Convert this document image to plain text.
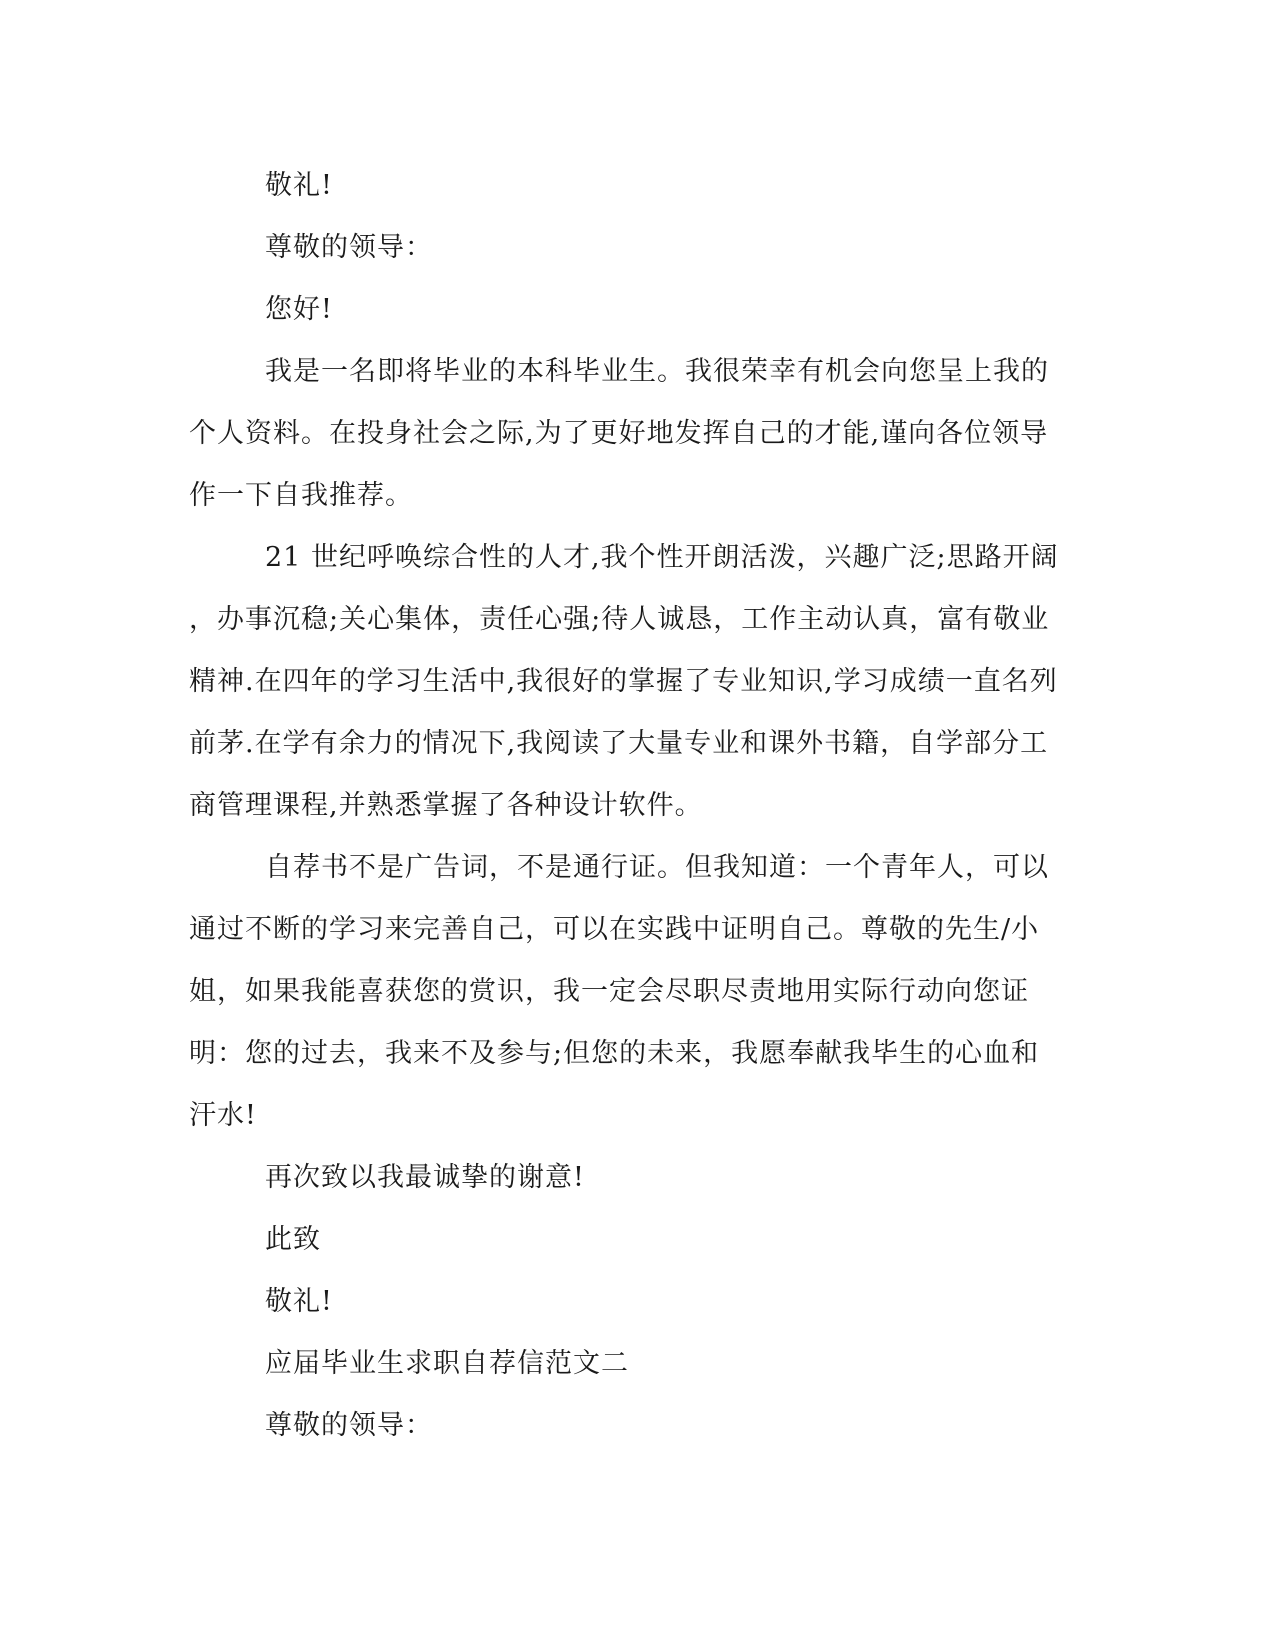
敬礼!

尊敬的领导：

您好!

我是一名即将毕业的本科毕业生。我很荣幸有机会向您呈上我的
个人资料。在投身社会之际,为了更好地发挥自己的才能,谨向各位领导
作一下自我推荐。

21 世纪呼唤综合性的人才,我个性开朗活泼，兴趣广泛;思路开阔
，办事沉稳;关心集体，责任心强;待人诚恳，工作主动认真，富有敬业
精神.在四年的学习生活中,我很好的掌握了专业知识,学习成绩一直名列
前茅.在学有余力的情况下,我阅读了大量专业和课外书籍，自学部分工
商管理课程,并熟悉掌握了各种设计软件。

自荐书不是广告词，不是通行证。但我知道：一个青年人，可以
通过不断的学习来完善自己，可以在实践中证明自己。尊敬的先生/小
姐，如果我能喜获您的赏识，我一定会尽职尽责地用实际行动向您证
明：您的过去，我来不及参与;但您的未来，我愿奉献我毕生的心血和
汗水!

再次致以我最诚挚的谢意!

此致

敬礼!

应届毕业生求职自荐信范文二

尊敬的领导：
